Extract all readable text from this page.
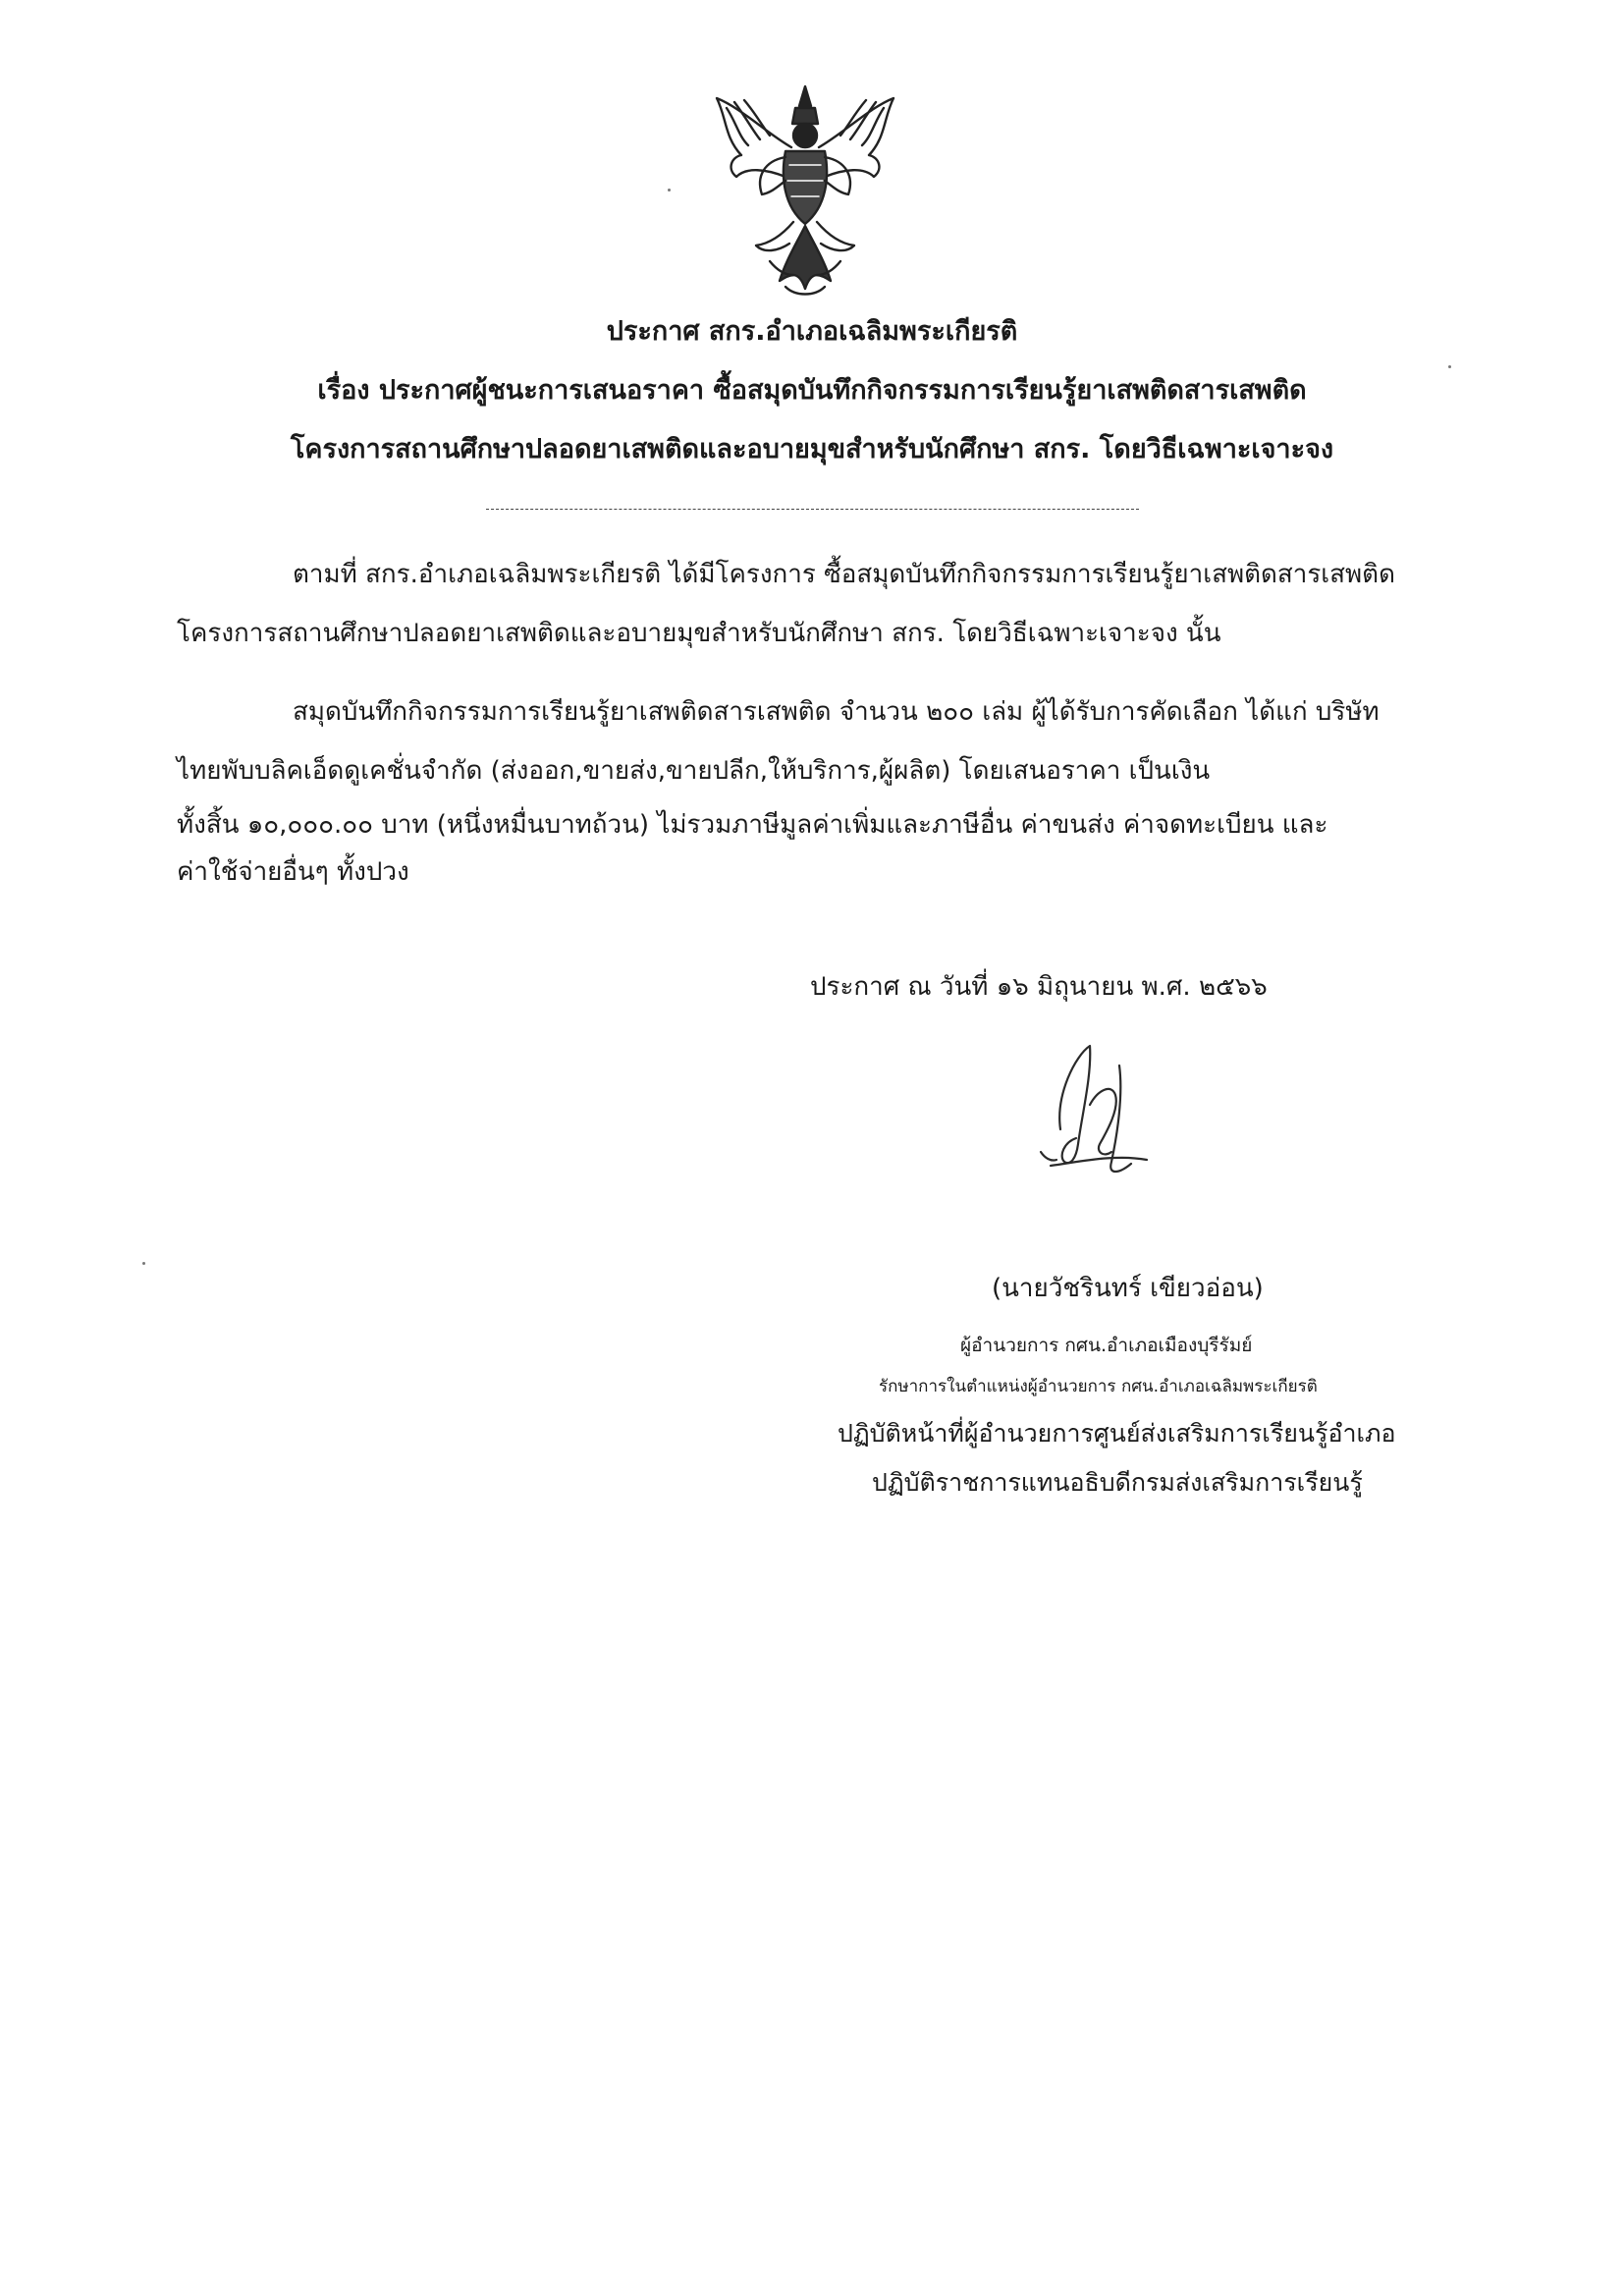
ประกาศ สกร.อำเภอเฉลิมพระเกียรติ
เรื่อง ประกาศผู้ชนะการเสนอราคา ซื้อสมุดบันทึกกิจกรรมการเรียนรู้ยาเสพติดสารเสพติด
โครงการสถานศึกษาปลอดยาเสพติดและอบายมุขสำหรับนักศึกษา สกร. โดยวิธีเฉพาะเจาะจง
ตามที่ สกร.อำเภอเฉลิมพระเกียรติ ได้มีโครงการ ซื้อสมุดบันทึกกิจกรรมการเรียนรู้ยาเสพติดสารเสพติด
โครงการสถานศึกษาปลอดยาเสพติดและอบายมุขสำหรับนักศึกษา สกร. โดยวิธีเฉพาะเจาะจง นั้น
สมุดบันทึกกิจกรรมการเรียนรู้ยาเสพติดสารเสพติด จำนวน ๒๐๐ เล่ม ผู้ได้รับการคัดเลือก ได้แก่ บริษัท
ไทยพับบลิคเอ็ดดูเคชั่นจำกัด (ส่งออก,ขายส่ง,ขายปลีก,ให้บริการ,ผู้ผลิต) โดยเสนอราคา เป็นเงิน
ทั้งสิ้น ๑๐,๐๐๐.๐๐ บาท (หนึ่งหมื่นบาทถ้วน) ไม่รวมภาษีมูลค่าเพิ่มและภาษีอื่น ค่าขนส่ง ค่าจดทะเบียน และ
ค่าใช้จ่ายอื่นๆ ทั้งปวง
ประกาศ ณ วันที่ ๑๖ มิถุนายน พ.ศ. ๒๕๖๖
(นายวัชรินทร์ เขียวอ่อน)
ผู้อำนวยการ กศน.อำเภอเมืองบุรีรัมย์
รักษาการในตำแหน่งผู้อำนวยการ กศน.อำเภอเฉลิมพระเกียรติ
ปฏิบัติหน้าที่ผู้อำนวยการศูนย์ส่งเสริมการเรียนรู้อำเภอ
ปฏิบัติราชการแทนอธิบดีกรมส่งเสริมการเรียนรู้
